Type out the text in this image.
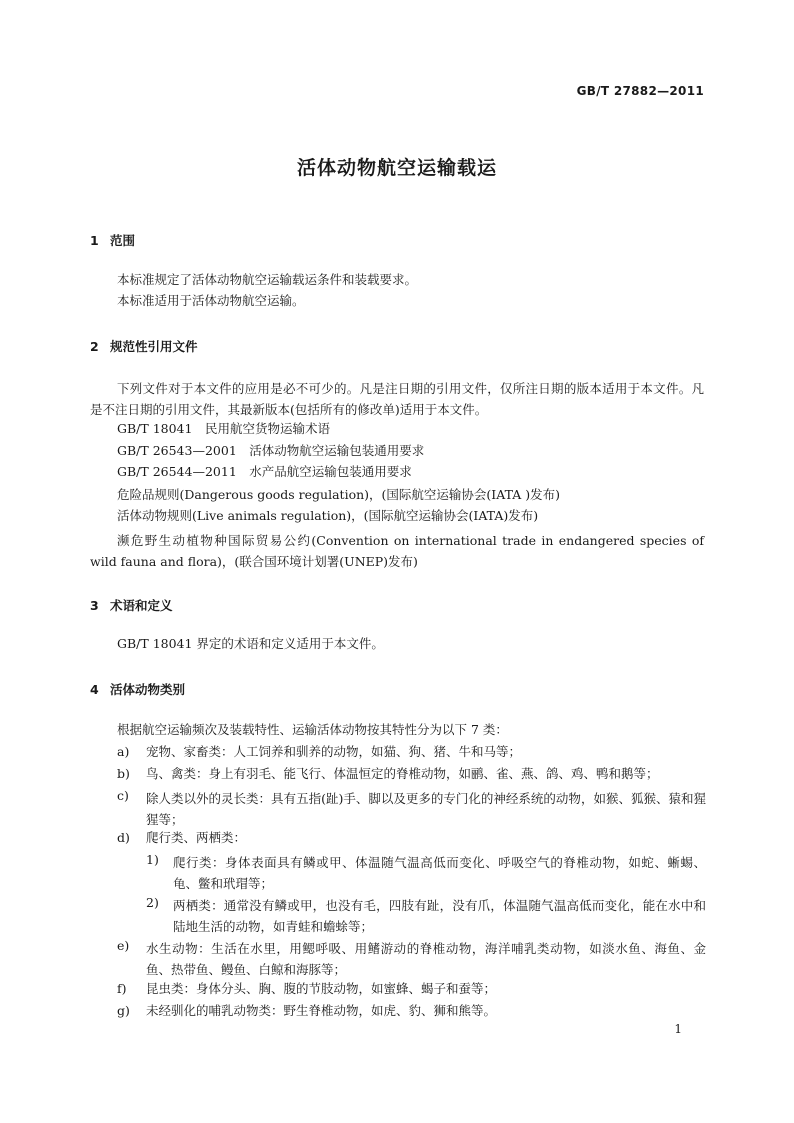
GB/T 27882—2011
活体动物航空运输载运
1 范围
本标准规定了活体动物航空运输载运条件和装载要求。
本标准适用于活体动物航空运输。
2 规范性引用文件
下列文件对于本文件的应用是必不可少的。凡是注日期的引用文件，仅所注日期的版本适用于本文件。凡是不注日期的引用文件，其最新版本(包括所有的修改单)适用于本文件。
GB/T 18041　民用航空货物运输术语
GB/T 26543—2001　活体动物航空运输包装通用要求
GB/T 26544—2011　水产品航空运输包装通用要求
危险品规则(Dangerous goods regulation)，(国际航空运输协会(IATA )发布)
活体动物规则(Live animals regulation)，(国际航空运输协会(IATA)发布)
濒危野生动植物种国际贸易公约(Convention on international trade in endangered species of wild fauna and flora)，(联合国环境计划署(UNEP)发布)
3 术语和定义
GB/T 18041 界定的术语和定义适用于本文件。
4 活体动物类别
根据航空运输频次及装载特性、运输活体动物按其特性分为以下 7 类：
a) 宠物、家畜类：人工饲养和驯养的动物，如猫、狗、猪、牛和马等；
b) 鸟、禽类：身上有羽毛、能飞行、体温恒定的脊椎动物，如鹂、雀、燕、鸽、鸡、鸭和鹅等；
c) 除人类以外的灵长类：具有五指(趾)手、脚以及更多的专门化的神经系统的动物，如猴、狐猴、猿和猩猩等；
d) 爬行类、两栖类：
1) 爬行类：身体表面具有鳞或甲、体温随气温高低而变化、呼吸空气的脊椎动物，如蛇、蜥蜴、龟、鳖和玳瑁等；
2) 两栖类：通常没有鳞或甲，也没有毛，四肢有趾，没有爪，体温随气温高低而变化，能在水中和陆地生活的动物，如青蛙和蟾蜍等；
e) 水生动物：生活在水里，用鳃呼吸、用鳍游动的脊椎动物，海洋哺乳类动物，如淡水鱼、海鱼、金鱼、热带鱼、鳗鱼、白鲸和海豚等；
f) 昆虫类：身体分头、胸、腹的节肢动物，如蜜蜂、蝎子和蚕等；
g) 未经驯化的哺乳动物类：野生脊椎动物，如虎、豹、狮和熊等。
1
